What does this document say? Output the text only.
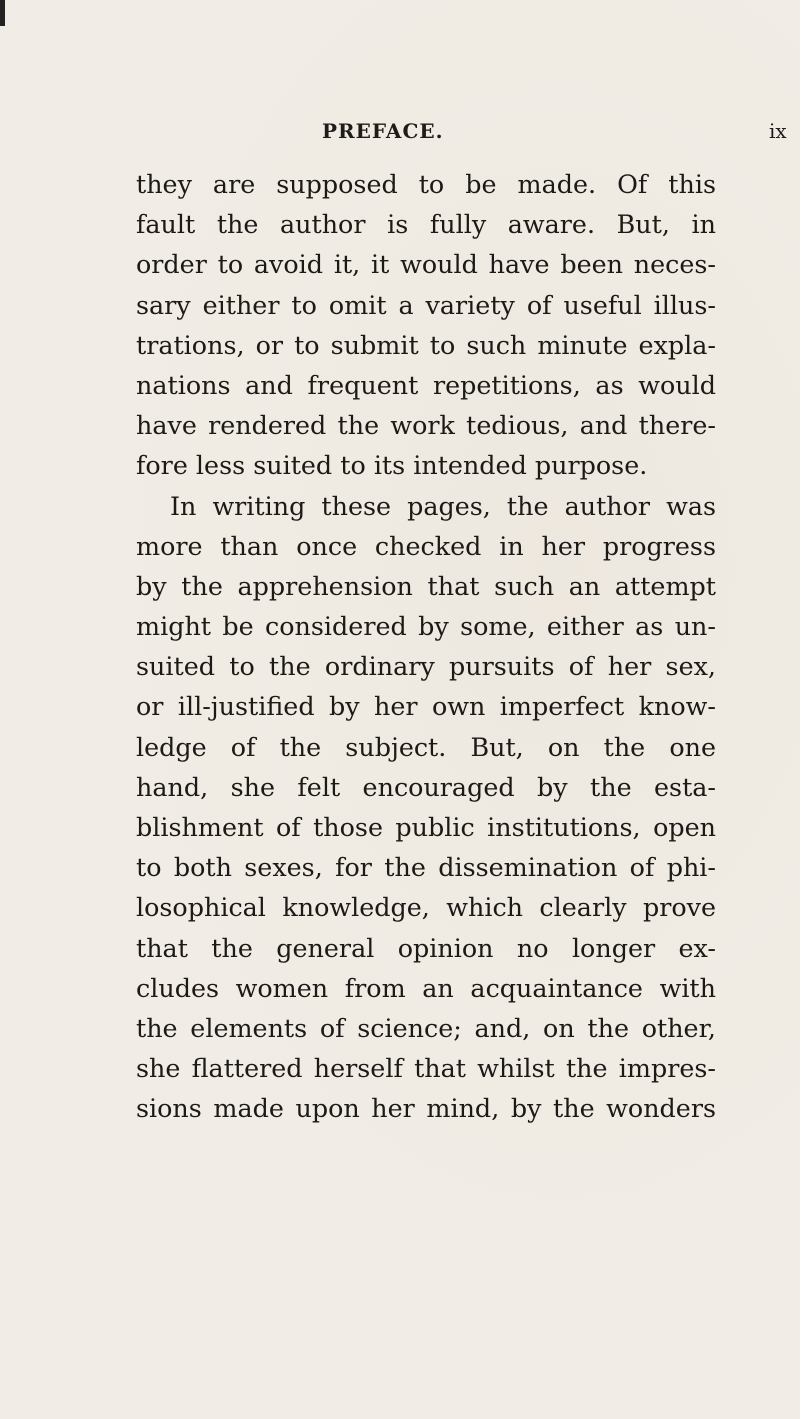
PREFACE.	ix
they are supposed to be made. Of this
fault the author is fully aware. But, in
order to avoid it, it would have been neces-
sary either to omit a variety of useful illus-
trations, or to submit to such minute expla-
nations and frequent repetitions, as would
have rendered the work tedious, and there-
fore less suited to its intended purpose.
In writing these pages, the author was
more than once checked in her progress
by the apprehension that such an attempt
might be considered by some, either as un-
suited to the ordinary pursuits of her sex,
or ill-justified by her own imperfect know-
ledge of the subject. But, on the one
hand, she felt encouraged by the esta-
blishment of those public institutions, open
to both sexes, for the dissemination of phi-
losophical knowledge, which clearly prove
that the general opinion no longer ex-
cludes women from an acquaintance with
the elements of science; and, on the other,
she flattered herself that whilst the impres-
sions made upon her mind, by the wonders
